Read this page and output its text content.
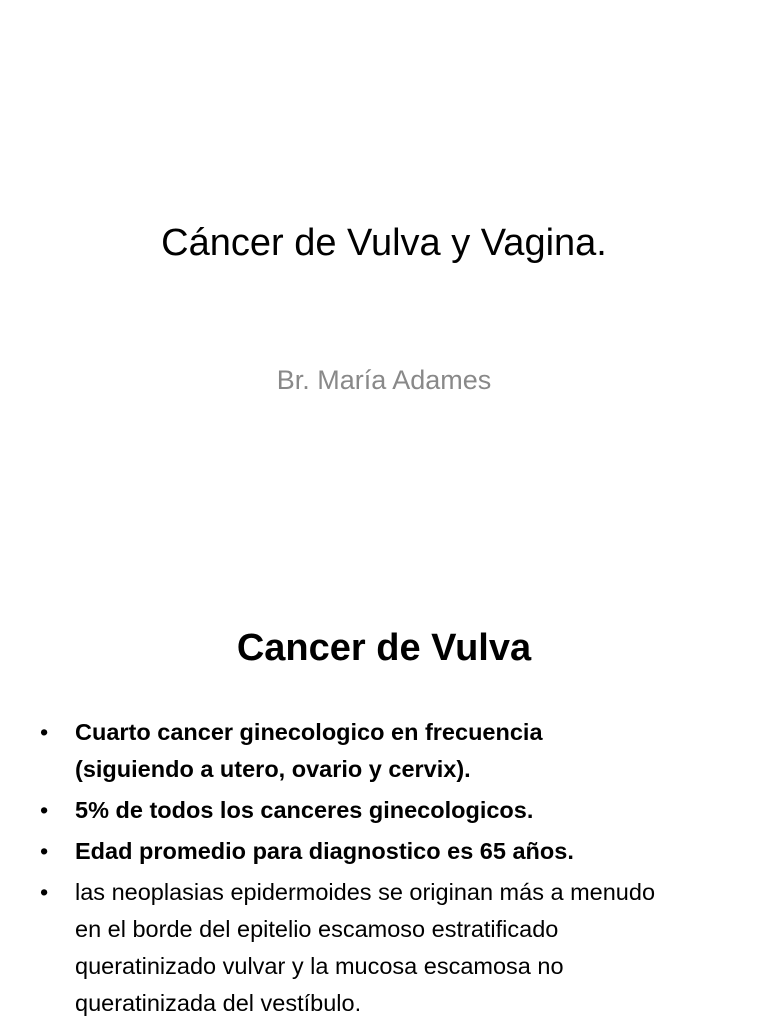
Cáncer de Vulva y Vagina.

Br. María Adames

Cancer de Vulva
• Cuarto cancer ginecologico en frecuencia (siguiendo a utero, ovario y cervix).
• 5% de todos los canceres ginecologicos.
• Edad promedio para diagnostico es 65 años.
• las neoplasias epidermoides se originan más a menudo en el borde del epitelio escamoso estratificado queratinizado vulvar y la mucosa escamosa no queratinizada del vestíbulo.
